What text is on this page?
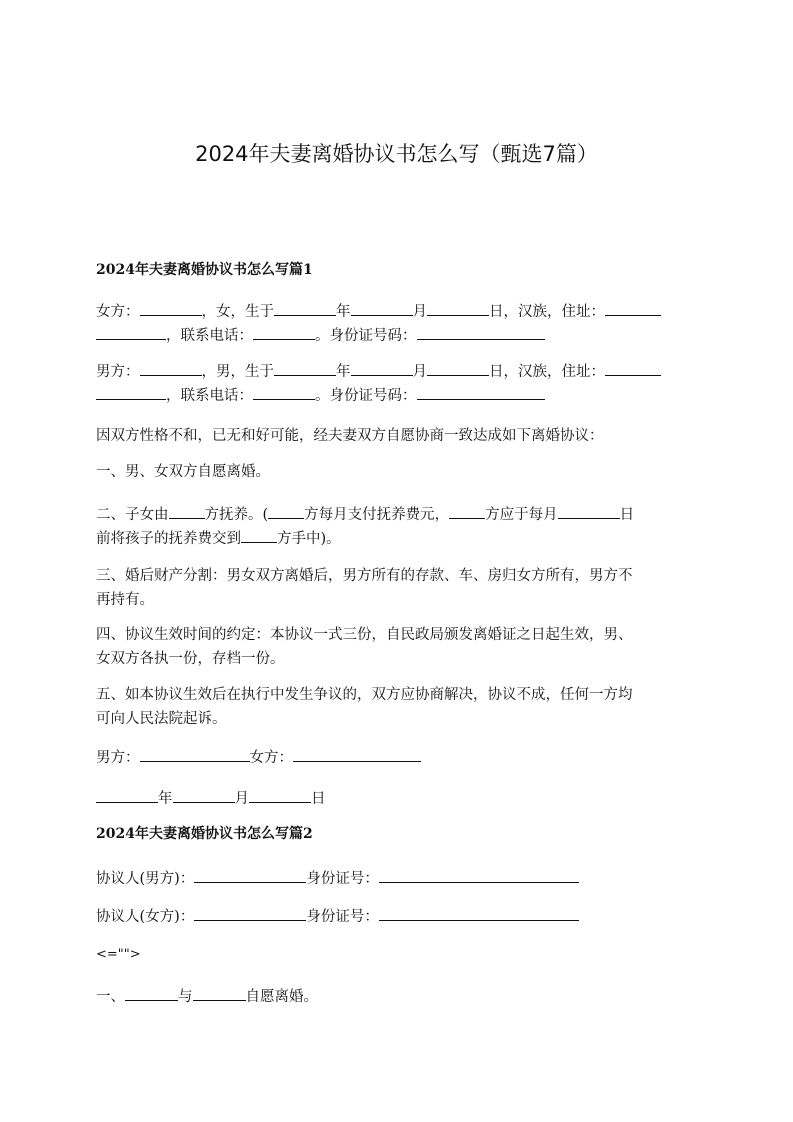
2024年夫妻离婚协议书怎么写（甄选7篇）
2024年夫妻离婚协议书怎么写篇1
女方：	，女，生于	年	月	日，汉族，住址：
，联系电话：	。身份证号码：
男方：	，男，生于	年	月	日，汉族，住址：
，联系电话：	。身份证号码：
因双方性格不和，已无和好可能，经夫妻双方自愿协商一致达成如下离婚协议：
一、男、女双方自愿离婚。
二、子女由 方抚养。( 方每月支付抚养费元， 方应于每月	日
前将孩子的抚养费交到 方手中)。
三、婚后财产分割：男女双方离婚后，男方所有的存款、车、房归女方所有，男方不
再持有。
四、协议生效时间的约定：本协议一式三份，自民政局颁发离婚证之日起生效，男、
女双方各执一份，存档一份。
五、如本协议生效后在执行中发生争议的，双方应协商解决，协议不成，任何一方均
可向人民法院起诉。
男方：	女方：
年	月	日
2024年夫妻离婚协议书怎么写篇2
协议人(男方)：	身份证号：
协议人(女方)：	身份证号：
<="">
一、	与	自愿离婚。
